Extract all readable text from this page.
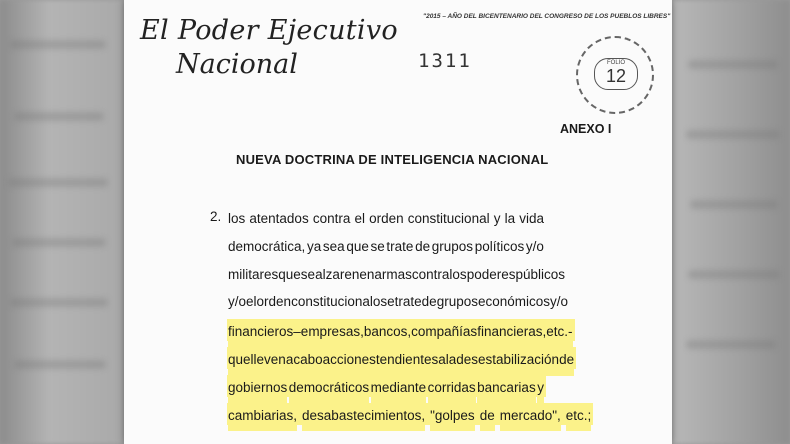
El Poder Ejecutivo
Nacional
"2015 – AÑO DEL BICENTENARIO DEL CONGRESO DE LOS PUEBLOS LIBRES"
1311	FOLIO
12
ANEXO I
NUEVA DOCTRINA DE INTELIGENCIA NACIONAL
2. los atentados contra el orden constitucional y la vida
democrática, ya sea que se trate de grupos políticos y/o
militares que se alzaren en armas contra los poderes públicos
y/o el orden constitucional o se trate de grupos económicos y/o
financieros –empresas, bancos, compañías financieras, etc.-
que lleven a cabo acciones tendientes a la desestabilización de
gobiernos democráticos mediante corridas bancarias y
cambiarias, desabastecimientos, "golpes de mercado", etc.;
